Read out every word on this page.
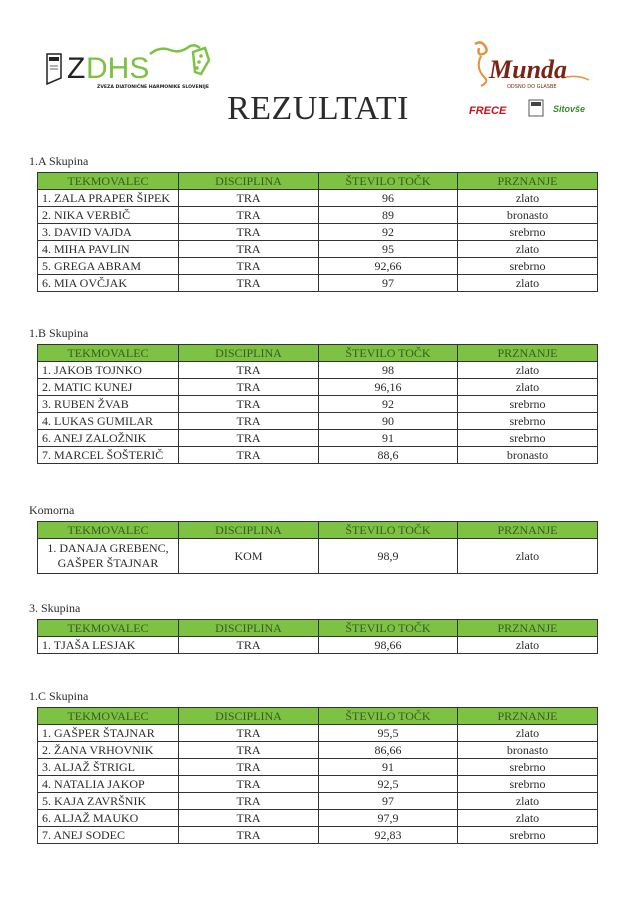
Z DHS
ZVEZA DIATONIČNE HARMONIKE SLOVENIJE
Munda
ODSNO DO GLASBE
FRECE	Sitovše
REZULTATI
1.A Skupina
TEKMOVALEC	DISCIPLINA	ŠTEVILO TOČK	PRZNANJE
1. ZALA PRAPER ŠIPEK	TRA	96	zlato
2. NIKA VERBIČ	TRA	89	bronasto
3. DAVID VAJDA	TRA	92	srebrno
4. MIHA PAVLIN	TRA	95	zlato
5. GREGA ABRAM	TRA	92,66	srebrno
6. MIA OVČJAK	TRA	97	zlato
1.B Skupina
TEKMOVALEC	DISCIPLINA	ŠTEVILO TOČK	PRZNANJE
1. JAKOB TOJNKO	TRA	98	zlato
2. MATIC KUNEJ	TRA	96,16	zlato
3. RUBEN ŽVAB	TRA	92	srebrno
4. LUKAS GUMILAR	TRA	90	srebrno
6. ANEJ ZALOŽNIK	TRA	91	srebrno
7. MARCEL ŠOŠTERIČ	TRA	88,6	bronasto
Komorna
TEKMOVALEC	DISCIPLINA	ŠTEVILO TOČK	PRZNANJE
1. DANAJA GREBENC,
GAŠPER ŠTAJNAR	KOM	98,9	zlato
3. Skupina
TEKMOVALEC	DISCIPLINA	ŠTEVILO TOČK	PRZNANJE
1. TJAŠA LESJAK	TRA	98,66	zlato
1.C Skupina
TEKMOVALEC	DISCIPLINA	ŠTEVILO TOČK	PRZNANJE
1. GAŠPER ŠTAJNAR	TRA	95,5	zlato
2. ŽANA VRHOVNIK	TRA	86,66	bronasto
3. ALJAŽ ŠTRIGL	TRA	91	srebrno
4. NATALIA JAKOP	TRA	92,5	srebrno
5. KAJA ZAVRŠNIK	TRA	97	zlato
6. ALJAŽ MAUKO	TRA	97,9	zlato
7. ANEJ SODEC	TRA	92,83	srebrno
